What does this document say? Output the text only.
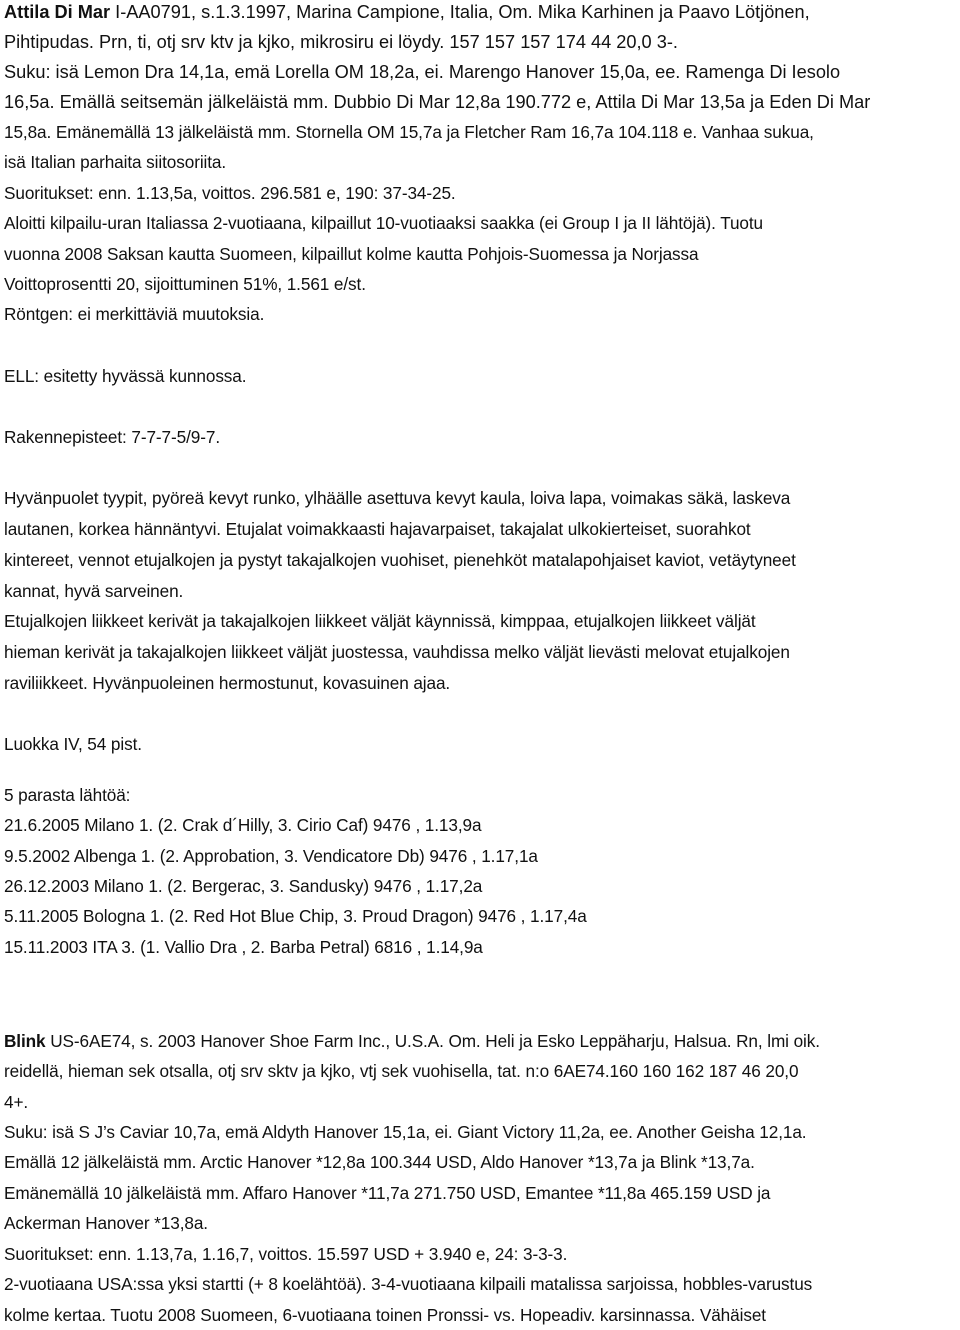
Attila Di Mar I-AA0791, s.1.3.1997, Marina Campione, Italia, Om. Mika Karhinen ja Paavo Lötjönen,
Pihtipudas. Prn, ti, otj srv ktv ja kjko, mikrosiru ei löydy. 157 157 157 174 44 20,0 3-.
Suku: isä Lemon Dra 14,1a, emä Lorella OM 18,2a, ei. Marengo Hanover 15,0a, ee. Ramenga Di Iesolo
16,5a. Emällä seitsemän jälkeläistä mm. Dubbio Di Mar 12,8a 190.772 e, Attila Di Mar 13,5a ja Eden Di Mar
15,8a. Emänemällä 13 jälkeläistä mm. Stornella OM 15,7a ja Fletcher Ram 16,7a 104.118 e. Vanhaa sukua,
isä Italian parhaita siitosoriita.
Suoritukset: enn. 1.13,5a, voittos. 296.581 e, 190: 37-34-25.
Aloitti kilpailu-uran Italiassa 2-vuotiaana, kilpaillut 10-vuotiaaksi saakka (ei Group I ja II lähtöjä). Tuotu
vuonna 2008 Saksan kautta Suomeen, kilpaillut kolme kautta Pohjois-Suomessa ja Norjassa
Voittoprosentti 20, sijoittuminen 51%, 1.561 e/st.
Röntgen: ei merkittäviä muutoksia.
ELL: esitetty hyvässä kunnossa.
Rakennepisteet: 7-7-7-5/9-7.
Hyvänpuolet tyypit, pyöreä kevyt runko, ylhäälle asettuva kevyt kaula, loiva lapa, voimakas säkä, laskeva
lautanen, korkea hännäntyvi. Etujalat voimakkaasti hajavarpaiset, takajalat ulkokierteiset, suorahkot
kintereet, vennot etujalkojen ja pystyt takajalkojen vuohiset, pienehköt matalapohjaiset kaviot, vetäytyneet
kannat, hyvä sarveinen.
Etujalkojen liikkeet kerivät ja takajalkojen liikkeet väljät käynnissä, kimppaa, etujalkojen liikkeet väljät
hieman kerivät ja takajalkojen liikkeet väljät juostessa, vauhdissa melko väljät lievästi melovat etujalkojen
raviliikkeet. Hyvänpuoleinen hermostunut, kovasuinen ajaa.
Luokka IV, 54 pist.
5 parasta lähtöä:
21.6.2005 Milano 1. (2. Crak d´Hilly, 3. Cirio Caf) 9476 , 1.13,9a
9.5.2002 Albenga 1. (2. Approbation, 3. Vendicatore Db) 9476 , 1.17,1a
26.12.2003 Milano 1. (2. Bergerac, 3. Sandusky) 9476 , 1.17,2a
5.11.2005 Bologna 1. (2. Red Hot Blue Chip, 3. Proud Dragon) 9476 , 1.17,4a
15.11.2003 ITA 3. (1. Vallio Dra , 2. Barba Petral) 6816 , 1.14,9a
Blink US-6AE74, s. 2003 Hanover Shoe Farm Inc., U.S.A. Om. Heli ja Esko Leppäharju, Halsua. Rn, lmi oik.
reidellä, hieman sek otsalla, otj srv sktv ja kjko, vtj sek vuohisella, tat. n:o 6AE74.160 160 162 187 46 20,0
4+.
Suku: isä S J’s Caviar 10,7a, emä Aldyth Hanover 15,1a, ei. Giant Victory 11,2a, ee. Another Geisha 12,1a.
Emällä 12 jälkeläistä mm. Arctic Hanover *12,8a 100.344 USD, Aldo Hanover *13,7a ja Blink *13,7a.
Emänemällä 10 jälkeläistä mm. Affaro Hanover *11,7a 271.750 USD, Emantee *11,8a 465.159 USD ja
Ackerman Hanover *13,8a.
Suoritukset: enn. 1.13,7a, 1.16,7, voittos. 15.597 USD + 3.940 e, 24: 3-3-3.
2-vuotiaana USA:ssa yksi startti (+ 8 koelähtöä). 3-4-vuotiaana kilpaili matalissa sarjoissa, hobbles-varustus
kolme kertaa. Tuotu 2008 Suomeen, 6-vuotiaana toinen Pronssi- vs. Hopeadiv. karsinnassa. Vähäiset
